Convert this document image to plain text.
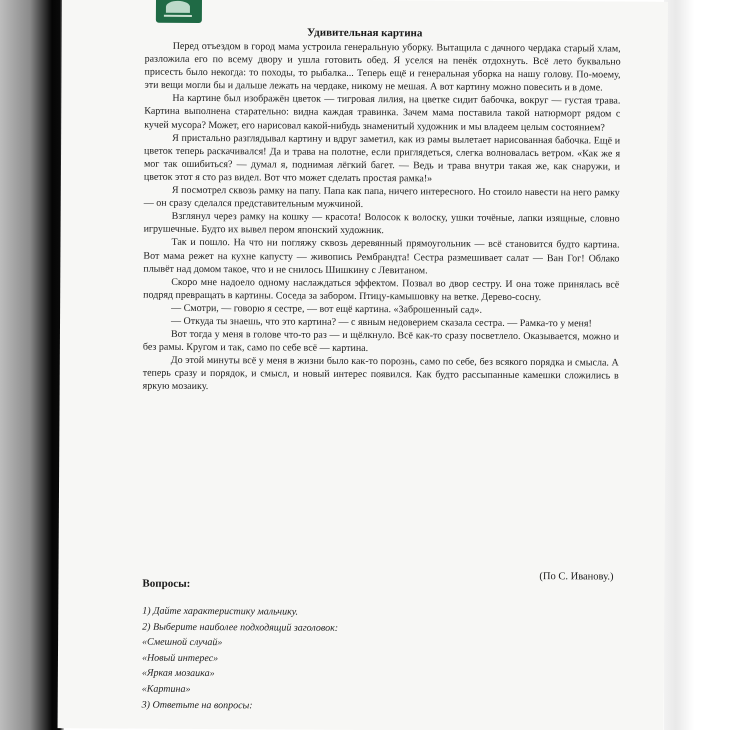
Удивительная картина

Перед отъездом в город мама устроила генеральную уборку. Вытащила с дачного чердака старый хлам, разложила его по всему двору и ушла готовить обед. Я уселся на пенёк отдохнуть. Всё лето буквально присесть было некогда: то походы, то рыбалка... Теперь ещё и генеральная уборка на нашу голову. По-моему, эти вещи могли бы и дальше лежать на чердаке, никому не мешая. А вот картину можно повесить и в доме.

На картине был изображён цветок — тигровая лилия, на цветке сидит бабочка, вокруг — густая трава. Картина выполнена старательно: видна каждая травинка. Зачем мама поставила такой натюрморт рядом с кучей мусора? Может, его нарисовал какой-нибудь знаменитый художник и мы владеем целым состоянием?

Я пристально разглядывал картину и вдруг заметил, как из рамы вылетает нарисованная бабочка. Ещё и цветок теперь раскачивался! Да и трава на полотне, если приглядеться, слегка волновалась ветром. «Как же я мог так ошибиться? — думал я, поднимая лёгкий багет. — Ведь и трава внутри такая же, как снаружи, и цветок этот я сто раз видел. Вот что может сделать простая рамка!»

Я посмотрел сквозь рамку на папу. Папа как папа, ничего интересного. Но стоило навести на него рамку — он сразу сделался представительным мужчиной.

Взглянул через рамку на кошку — красота! Волосок к волоску, ушки точёные, лапки изящные, словно игрушечные. Будто их вывел пером японский художник.

Так и пошло. На что ни погляжу сквозь деревянный прямоугольник — всё становится будто картина. Вот мама режет на кухне капусту — живопись Рембрандта! Сестра размешивает салат — Ван Гог! Облако плывёт над домом такое, что и не снилось Шишкину с Левитаном.

Скоро мне надоело одному наслаждаться эффектом. Позвал во двор сестру. И она тоже принялась всё подряд превращать в картины. Соседа за забором. Птицу-камышовку на ветке. Дерево-сосну.

— Смотри, — говорю я сестре, — вот ещё картина. «Заброшенный сад».

— Откуда ты знаешь, что это картина? — с явным недоверием сказала сестра. — Рамка-то у меня!

Вот тогда у меня в голове что-то раз — и щёлкнуло. Всё как-то сразу посветлело. Оказывается, можно и без рамы. Кругом и так, само по себе всё — картина.

До этой минуты всё у меня в жизни было как-то порознь, само по себе, без всякого порядка и смысла. А теперь сразу и порядок, и смысл, и новый интерес появился. Как будто рассыпанные камешки сложились в яркую мозаику.

(По С. Иванову.)
Вопросы:
1) Дайте характеристику мальчику.
2) Выберите наиболее подходящий заголовок:
«Смешной случай»
«Новый интерес»
«Яркая мозаика»
«Картина»
3) Ответьте на вопросы:
